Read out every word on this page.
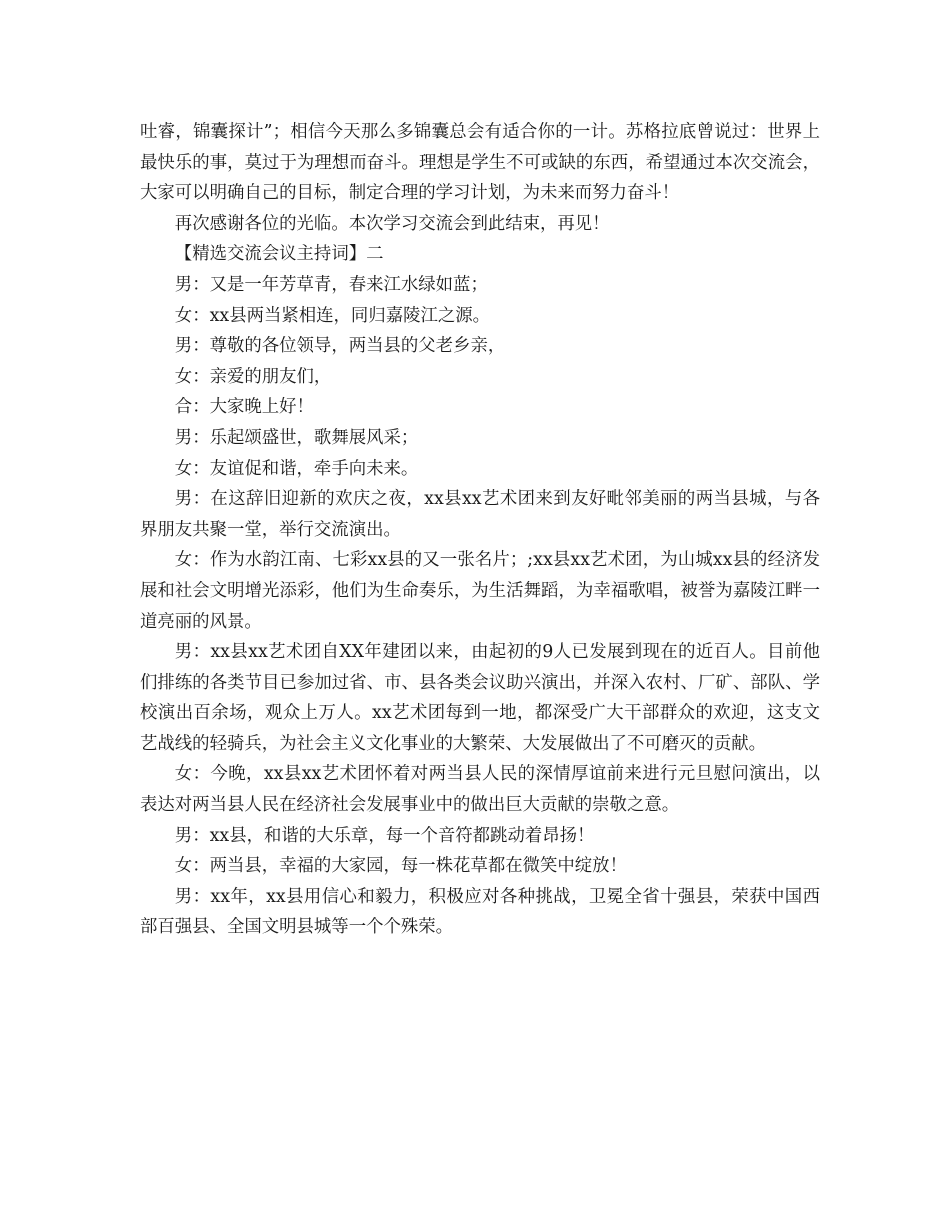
吐睿，锦囊探计”；相信今天那么多锦囊总会有适合你的一计。苏格拉底曾说过：世界上最快乐的事，莫过于为理想而奋斗。理想是学生不可或缺的东西，希望通过本次交流会，大家可以明确自己的目标，制定合理的学习计划，为未来而努力奋斗！

再次感谢各位的光临。本次学习交流会到此结束，再见！

【精选交流会议主持词】二

男：又是一年芳草青，春来江水绿如蓝；

女：xx县两当紧相连，同归嘉陵江之源。

男：尊敬的各位领导，两当县的父老乡亲，

女：亲爱的朋友们，

合：大家晚上好！

男：乐起颂盛世，歌舞展风采；

女：友谊促和谐，牵手向未来。

男：在这辞旧迎新的欢庆之夜，xx县xx艺术团来到友好毗邻美丽的两当县城，与各界朋友共聚一堂，举行交流演出。

女：作为水韵江南、七彩xx县的又一张名片；;xx县xx艺术团，为山城xx县的经济发展和社会文明增光添彩，他们为生命奏乐，为生活舞蹈，为幸福歌唱，被誉为嘉陵江畔一道亮丽的风景。

男：xx县xx艺术团自XX年建团以来，由起初的9人已发展到现在的近百人。目前他们排练的各类节目已参加过省、市、县各类会议助兴演出，并深入农村、厂矿、部队、学校演出百余场，观众上万人。xx艺术团每到一地，都深受广大干部群众的欢迎，这支文艺战线的轻骑兵，为社会主义文化事业的大繁荣、大发展做出了不可磨灭的贡献。

女：今晚，xx县xx艺术团怀着对两当县人民的深情厚谊前来进行元旦慰问演出，以表达对两当县人民在经济社会发展事业中的做出巨大贡献的崇敬之意。

男：xx县，和谐的大乐章，每一个音符都跳动着昂扬！

女：两当县，幸福的大家园，每一株花草都在微笑中绽放！

男：xx年，xx县用信心和毅力，积极应对各种挑战，卫冕全省十强县，荣获中国西部百强县、全国文明县城等一个个殊荣。
